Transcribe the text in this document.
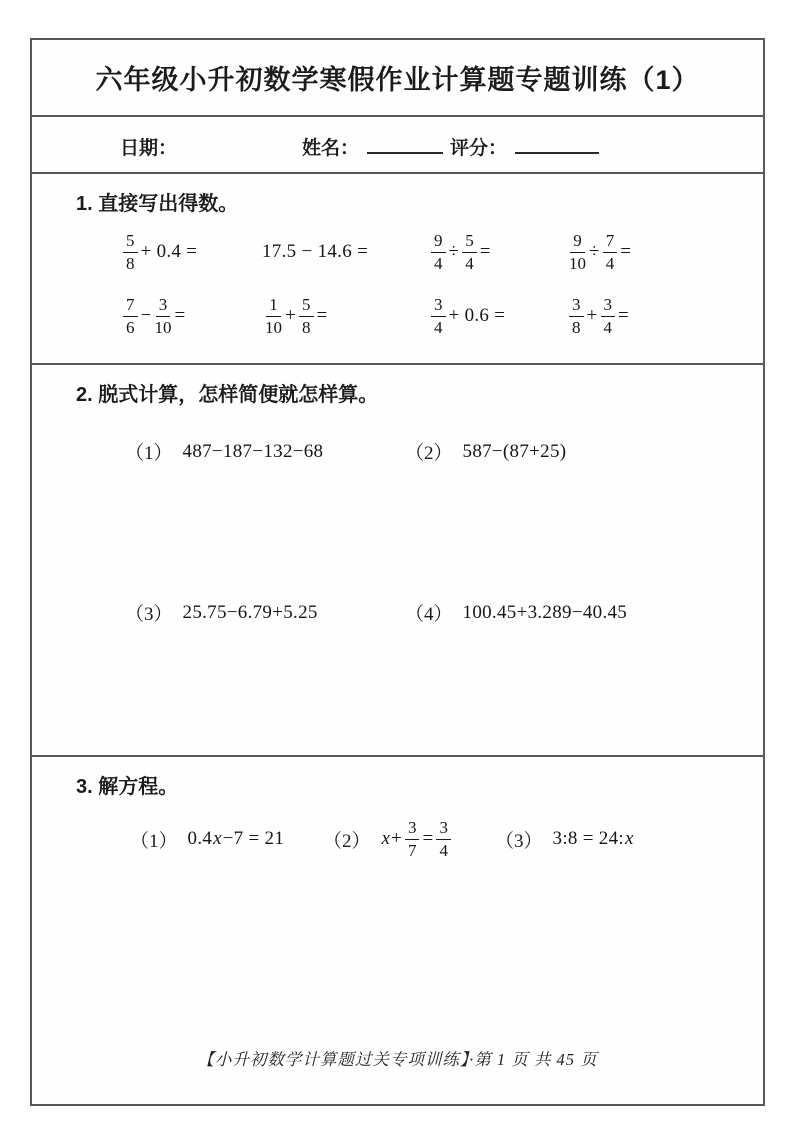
六年级小升初数学寒假作业计算题专题训练（1）
日期：	姓名：	评分：
1. 直接写出得数。
$\frac{5}{8} + 0.4$ =	17.5 − 14.6 =	$\frac{9}{4} \div \frac{5}{4}$ =	$\frac{9}{10} \div \frac{7}{4}$ =
$\frac{7}{6} - \frac{3}{10}$ =	$\frac{1}{10} + \frac{5}{8}$ =	$\frac{3}{4} + 0.6$ =	$\frac{3}{8} + \frac{3}{4}$ =
2. 脱式计算，怎样简便就怎样算。
（1） 487−187−132−68	（2） 587−(87+25)
（3） 25.75−6.79+5.25	（4） 100.45+3.289−40.45
3. 解方程。
（1） 0.4 x −7 = 21 （2） $x + \frac{3}{7} = \frac{3}{4} (3)$ 3:8 = 24: x
【小升初数学计算题过关专项训练】·第 1 页 共 45 页
